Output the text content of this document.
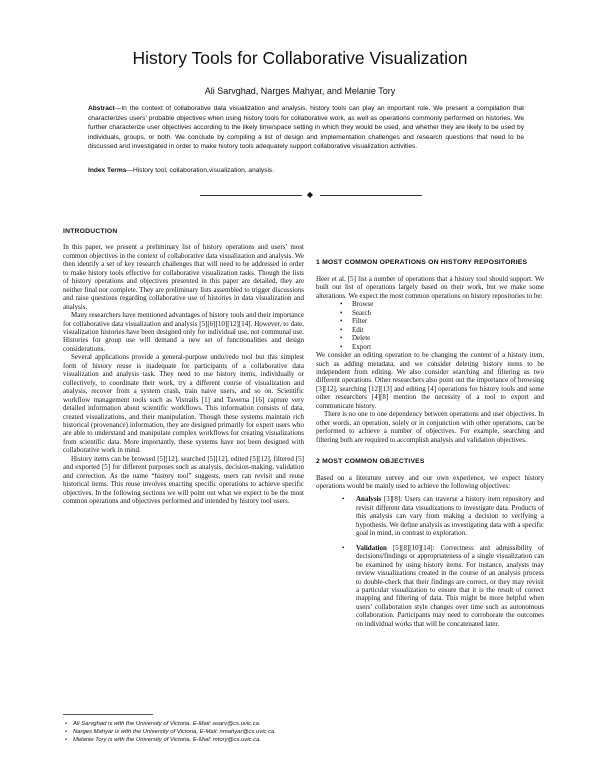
History Tools for Collaborative Visualization
Ali Sarvghad, Narges Mahyar, and Melanie Tory
Abstract—In the context of collaborative data visualization and analysis, history tools can play an important role. We present a compilation that characterizes users’ probable objectives when using history tools for collaborative work, as well as operations commonly performed on histories. We further characterize user objectives according to the likely time/space setting in which they would be used, and whether they are likely to be used by individuals, groups, or both. We conclude by compiling a list of design and implementation challenges and research questions that need to be discussed and investigated in order to make history tools adequately support collaborative visualization activities.
Index Terms—History tool, collaboration,visualization, analysis.
◆
INTRODUCTION

In this paper, we present a preliminary list of history operations and users’ most common objectives in the context of collaborative data visualization and analysis. We then identify a set of key research challenges that will need to be addressed in order to make history tools effective for collaborative visualization tasks. Though the lists of history operations and objectives presented in this paper are detailed, they are neither final nor complete. They are preliminary lists assembled to trigger discussions and raise questions regarding collaborative use of histories in data visualization and analysis.

Many researchers have mentioned advantages of history tools and their importance for collaborative data visualization and analysis [5][6][10][12][14]. However, to date, visualization histories have been designed only for individual use, not communal use. Histories for group use will demand a new set of functionalities and design considerations.

Several applications provide a general-purpose undo/redo tool but this simplest form of history reuse is inadequate for participants of a collaborative data visualization and analysis task. They need to use history items, individually or collectively, to coordinate their work, try a different course of visualization and analysis, recover from a system crash, train naive users, and so on. Scientific workflow management tools such as Vistrails [1] and Taverna [16] capture very detailed information about scientific workflows. This information consists of data, created visualizations, and their manipulation. Though these systems maintain rich historical (provenance) information, they are designed primarily for expert users who are able to understand and manipulate complex workflows for creating visualizations from scientific data. More importantly, these systems have not been designed with collaborative work in mind.

History items can be browsed [5][12], searched [5][12], edited [5][12], filtered [5] and exported [5] for different purposes such as analysis, decision-making, validation and correction. As the name “history tool” suggests, users can revisit and reuse historical items. This reuse involves enacting specific operations to achieve specific objectives. In the following sections we will point out what we expect to be the most common operations and objectives performed and intended by history tool users.

• Ali Sarvghad is with the University of Victoria, E-Mail: asarv@cs.uvic.ca.
• Narges Mahyar is with the University of Victoria, E-Mail: nmahyar@cs.uvic.ca.
• Melanie Tory is with the University of Victoria, E-Mail: mtory@cs.uvic.ca.
1 MOST COMMON OPERATIONS ON HISTORY REPOSITORIES

Heer et al. [5] list a number of operations that a history tool should support. We built our list of operations largely based on their work, but we make some alterations. We expect the most common operations on history repositories to be:

• Browse
• Search
• Filter
• Edit
• Delete
• Export

We consider an editing operation to be changing the content of a history item, such as adding metadata, and we consider deleting history items to be independent from editing. We also consider searching and filtering as two different operations. Other researchers also point out the importance of browsing [3][12], searching [12][13] and editing [4] operations for history tools and some other researchers [4][8] mention the necessity of a tool to export and communicate history.

There is no one to one dependency between operations and user objectives. In other words, an operation, solely or in conjunction with other operations, can be performed to achieve a number of objectives. For example, searching and filtering both are required to accomplish analysis and validation objectives.

2 MOST COMMON OBJECTIVES

Based on a literature survey and our own experience, we expect history operations would be mainly used to achieve the following objectives:

• Analysis [3][8]: Users can traverse a history item repository and revisit different data visualizations to investigate data. Products of this analysis can vary from making a decision to verifying a hypothesis. We define analysis as investigating data with a specific goal in mind, in contrast to exploration.
• Validation [5][8][10][14]: Correctness and admissibility of decisions/findings or appropriateness of a single visualization can be examined by using history items. For instance, analysts may review visualizations created in the course of an analysis process to double-check that their findings are correct, or they may revisit a particular visualization to ensure that it is the result of correct mapping and filtering of data. This might be more helpful when users’ collaboration style changes over time such as autonomous collaboration. Participants may need to corroborate the outcomes on individual works that will be concatenated later.
